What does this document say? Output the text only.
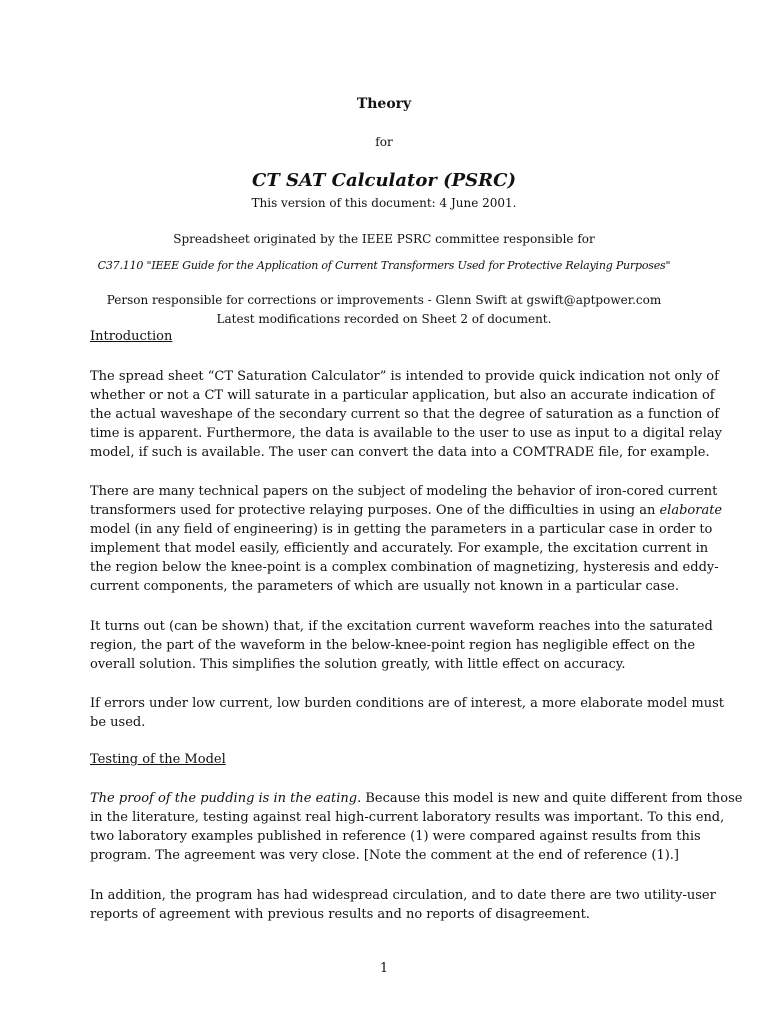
Theory
for
CT SAT Calculator (PSRC)
This version of this document: 4 June 2001.
Spreadsheet originated by the IEEE PSRC committee responsible for
C37.110 "IEEE Guide for the Application of Current Transformers Used for Protective Relaying Purposes"
Person responsible for corrections or improvements - Glenn Swift at gswift@aptpower.com
Latest modifications recorded on Sheet 2 of document.
Introduction
The spread sheet “CT Saturation Calculator” is intended to provide quick indication not only of
whether or not a CT will saturate in a particular application, but also an accurate indication of
the actual waveshape of the secondary current so that the degree of saturation as a function of
time is apparent. Furthermore, the data is available to the user to use as input to a digital relay
model, if such is available. The user can convert the data into a COMTRADE file, for example.
There are many technical papers on the subject of modeling the behavior of iron-cored current
transformers used for protective relaying purposes. One of the difficulties in using an elaborate
model (in any field of engineering) is in getting the parameters in a particular case in order to
implement that model easily, efficiently and accurately. For example, the excitation current in
the region below the knee-point is a complex combination of magnetizing, hysteresis and eddy-
current components, the parameters of which are usually not known in a particular case.
It turns out (can be shown) that, if the excitation current waveform reaches into the saturated
region, the part of the waveform in the below-knee-point region has negligible effect on the
overall solution. This simplifies the solution greatly, with little effect on accuracy.
If errors under low current, low burden conditions are of interest, a more elaborate model must
be used.
Testing of the Model
The proof of the pudding is in the eating. Because this model is new and quite different from those
in the literature, testing against real high-current laboratory results was important. To this end,
two laboratory examples published in reference (1) were compared against results from this
program. The agreement was very close. [Note the comment at the end of reference (1).]
In addition, the program has had widespread circulation, and to date there are two utility-user
reports of agreement with previous results and no reports of disagreement.
1
